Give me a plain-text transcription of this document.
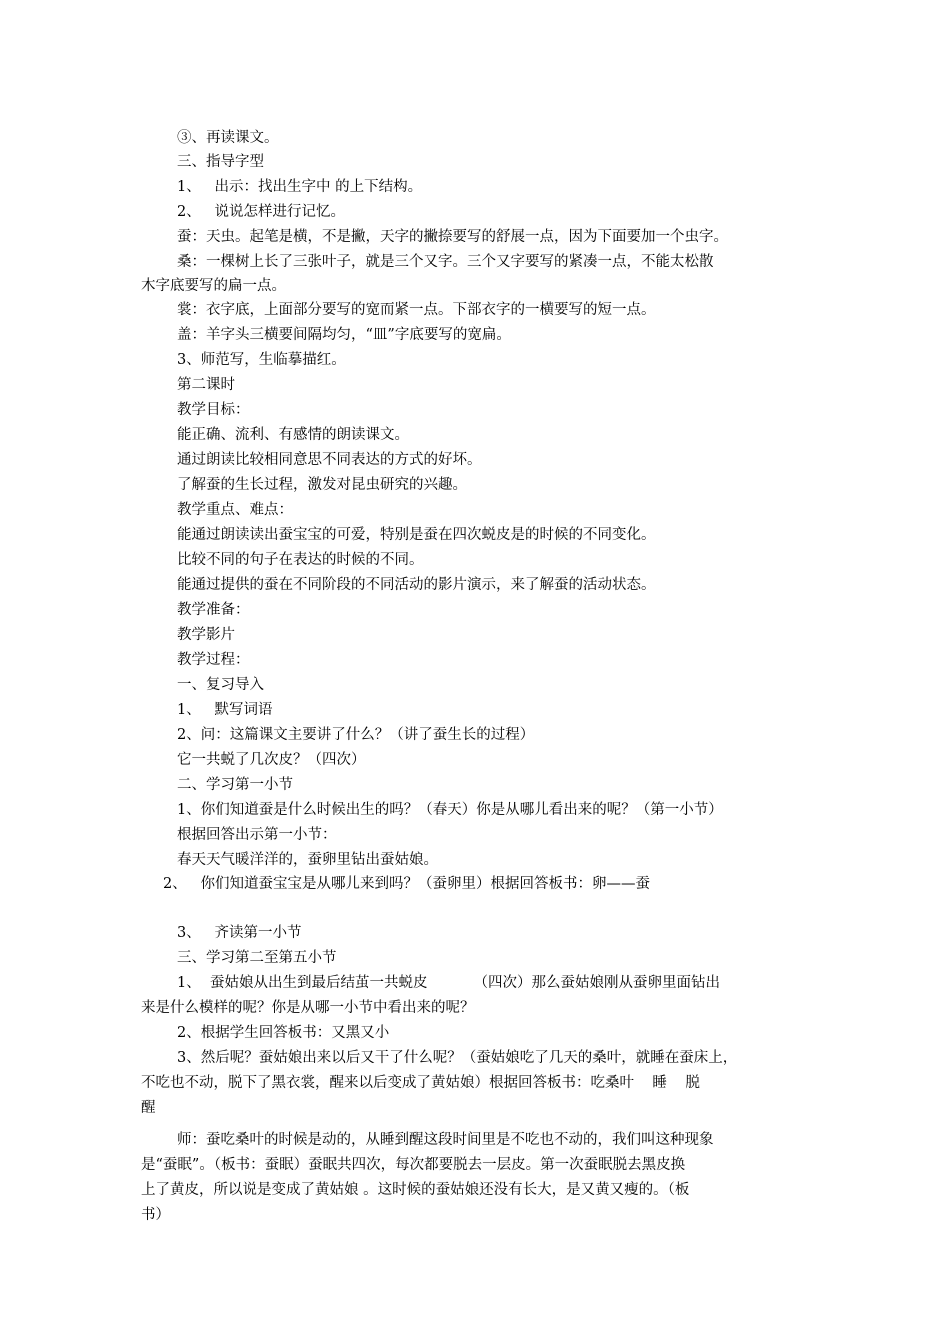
③、再读课文。
三、指导字型
1、   出示：找出生字中 的上下结构。
2、   说说怎样进行记忆。
蚕：天虫。起笔是横，不是撇，天字的撇捺要写的舒展一点，因为下面要加一个虫字。
桑：一棵树上长了三张叶子，就是三个又字。三个又字要写的紧凑一点，不能太松散
木字底要写的扁一点。
裳：衣字底，上面部分要写的宽而紧一点。下部衣字的一横要写的短一点。
盖：羊字头三横要间隔均匀，“皿”字底要写的宽扁。
3、师范写，生临摹描红。
第二课时
教学目标：
能正确、流利、有感情的朗读课文。
通过朗读比较相同意思不同表达的方式的好坏。
了解蚕的生长过程，激发对昆虫研究的兴趣。
教学重点、难点：
能通过朗读读出蚕宝宝的可爱，特别是蚕在四次蜕皮是的时候的不同变化。
比较不同的句子在表达的时候的不同。
能通过提供的蚕在不同阶段的不同活动的影片演示，来了解蚕的活动状态。
教学准备：
教学影片
教学过程：
一、复习导入
1、   默写词语
2、问：这篇课文主要讲了什么？（讲了蚕生长的过程）
它一共蜕了几次皮？（四次）
二、学习第一小节
1、你们知道蚕是什么时候出生的吗？（春天）你是从哪儿看出来的呢？（第一小节）
根据回答出示第一小节：
春天天气暖洋洋的，蚕卵里钻出蚕姑娘。
2、   你们知道蚕宝宝是从哪儿来到吗？（蚕卵里）根据回答板书：卵——蚕
3、   齐读第一小节
三、学习第二至第五小节
1、  蚕姑娘从出生到最后结茧一共蜕皮          （四次）那么蚕姑娘刚从蚕卵里面钻出
来是什么模样的呢？你是从哪一小节中看出来的呢？
2、根据学生回答板书：又黑又小
3、然后呢？蚕姑娘出来以后又干了什么呢？（蚕姑娘吃了几天的桑叶，就睡在蚕床上，
不吃也不动，脱下了黑衣裳，醒来以后变成了黄姑娘）根据回答板书：吃桑叶    睡    脱
醒
师：蚕吃桑叶的时候是动的，从睡到醒这段时间里是不吃也不动的，我们叫这种现象
是“蚕眠”。（板书：蚕眠）蚕眠共四次，每次都要脱去一层皮。第一次蚕眠脱去黑皮换
上了黄皮，所以说是变成了黄姑娘 。这时候的蚕姑娘还没有长大，是又黄又瘦的。（板
书）
